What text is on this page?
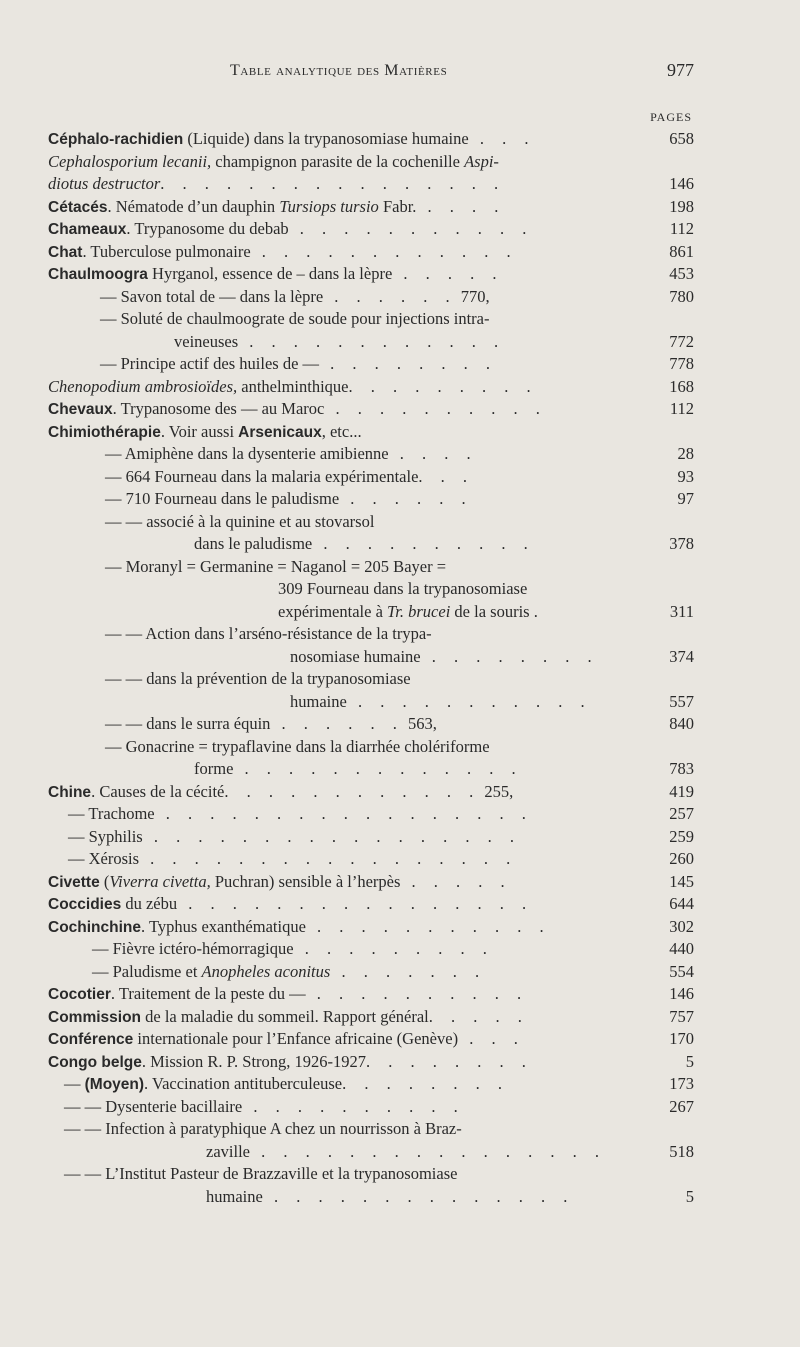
Table analytique des Matières	977
PAGES
Céphalo-rachidien (Liquide) dans la trypanosomiase humaine . . .	658
Cephalosporium lecanii, champignon parasite de la cochenille Aspi-
diotus destructor. . . . . . . . . . . . . . . .	146
Cétacés. Nématode d’un dauphin Tursiops tursio Fabr. . . . .	198
Chameaux. Trypanosome du debab . . . . . . . . . . .	112
Chat. Tuberculose pulmonaire . . . . . . . . . . . .	861
Chaulmoogra Hyrganol, essence de – dans la lèpre . . . . .	453
— Savon total de — dans la lèpre . . . . . . 770,	780
— Soluté de chaulmoograte de soude pour injections intra-
veineuses . . . . . . . . . . . .	772
— Principe actif des huiles de — . . . . . . . .	778
Chenopodium ambrosioïdes, anthelminthique. . . . . . . . .	168
Chevaux. Trypanosome des — au Maroc . . . . . . . . . .	112
Chimiothérapie. Voir aussi Arsenicaux, etc...
— Amiphène dans la dysenterie amibienne . . . .	28
— 664 Fourneau dans la malaria expérimentale. . .	93
— 710 Fourneau dans le paludisme . . . . . .	97
— — associé à la quinine et au stovarsol
dans le paludisme . . . . . . . . . .	378
— Moranyl = Germanine = Naganol = 205 Bayer =
309 Fourneau dans la trypanosomiase
expérimentale à Tr. brucei de la souris .	311
— — Action dans l’arséno-résistance de la trypa-
nosomiase humaine . . . . . . . .	374
— — dans la prévention de la trypanosomiase
humaine . . . . . . . . . . .	557
— — dans le surra équin . . . . . . 563,	840
— Gonacrine = trypaflavine dans la diarrhée cholériforme
forme . . . . . . . . . . . . .	783
Chine. Causes de la cécité. . . . . . . . . . . . 255,	419
— Trachome . . . . . . . . . . . . . . . . .	257
— Syphilis . . . . . . . . . . . . . . . . .	259
— Xérosis . . . . . . . . . . . . . . . . .	260
Civette (Viverra civetta, Puchran) sensible à l’herpès . . . . .	145
Coccidies du zébu . . . . . . . . . . . . . . . .	644
Cochinchine. Typhus exanthématique . . . . . . . . . . .	302
— Fièvre ictéro-hémorragique . . . . . . . . .	440
— Paludisme et Anopheles aconitus . . . . . . .	554
Cocotier. Traitement de la peste du — . . . . . . . . . .	146
Commission de la maladie du sommeil. Rapport général. . . . .	757
Conférence internationale pour l’Enfance africaine (Genève) . . .	170
Congo belge. Mission R. P. Strong, 1926-1927. . . . . . . .	5
— (Moyen). Vaccination antituberculeuse. . . . . . . .	173
— — Dysenterie bacillaire . . . . . . . . . .	267
— — Infection à paratyphique A chez un nourrisson à Braz-
zaville . . . . . . . . . . . . . . . .	518
— — L’Institut Pasteur de Brazzaville et la trypanosomiase
humaine . . . . . . . . . . . . . .	5
